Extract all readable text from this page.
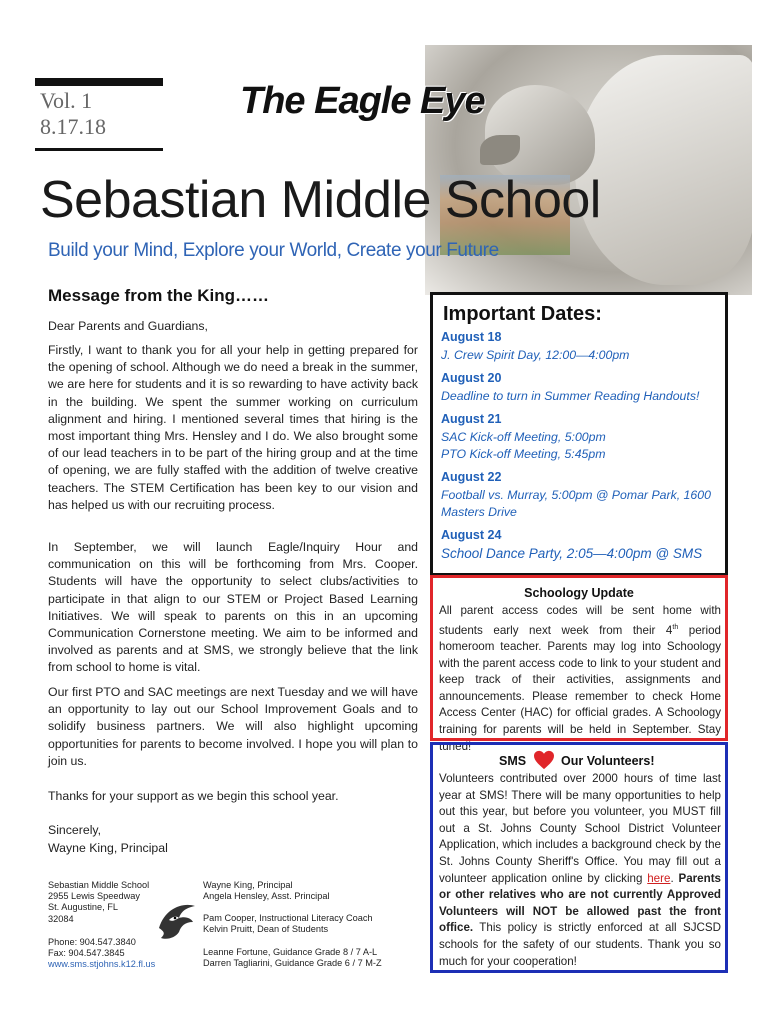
Vol. 1
8.17.18
The Eagle Eye
Sebastian Middle School
Build your Mind, Explore your World, Create your Future
Message from the King……
Dear Parents and Guardians,
Firstly, I want to thank you for all your help in getting prepared for the opening of school. Although we do need a break in the summer, we are here for students and it is so rewarding to have activity back in the building. We spent the summer working on curriculum alignment and hiring. I mentioned several times that hiring is the most important thing Mrs. Hensley and I do. We also brought some of our lead teachers in to be part of the hiring group and at the time of opening, we are fully staffed with the addition of twelve creative teachers. The STEM Certification has been key to our vision and has helped us with our recruiting process.
In September, we will launch Eagle/Inquiry Hour and communication on this will be forthcoming from Mrs. Cooper. Students will have the opportunity to select clubs/activities to participate in that align to our STEM or Project Based Learning Initiatives. We will speak to parents on this in an upcoming Communication Cornerstone meeting. We aim to be informed and involved as parents and at SMS, we strongly believe that the link from school to home is vital.
Our first PTO and SAC meetings are next Tuesday and we will have an opportunity to lay out our School Improvement Goals and to solidify business partners. We will also highlight upcoming opportunities for parents to become involved. I hope you will plan to join us.
Thanks for your support as we begin this school year.
Sincerely,
Wayne King, Principal
Important Dates:
August 18
J. Crew Spirit Day, 12:00—4:00pm
August 20
Deadline to turn in Summer Reading Handouts!
August 21
SAC Kick-off Meeting, 5:00pm
PTO Kick-off Meeting, 5:45pm
August 22
Football vs. Murray, 5:00pm @ Pomar Park, 1600
Masters Drive
August 24
School Dance Party, 2:05—4:00pm @ SMS
Schoology Update
All parent access codes will be sent home with students early next week from their 4th period homeroom teacher. Parents may log into Schoology with the parent access code to link to your student and keep track of their activities, assignments and announcements. Please remember to check Home Access Center (HAC) for official grades. A Schoology training for parents will be held in September. Stay tuned!
SMS	Our Volunteers!
Volunteers contributed over 2000 hours of time last year at SMS! There will be many opportunities to help out this year, but before you volunteer, you MUST fill out a St. Johns County School District Volunteer Application, which includes a background check by the St. Johns County Sheriff's Office. You may fill out a volunteer application online by clicking here. Parents or other relatives who are not currently Approved Volunteers will NOT be allowed past the front office. This policy is strictly enforced at all SJCSD schools for the safety of our students. Thank you so much for your cooperation!
Sebastian Middle School
2955 Lewis Speedway
St. Augustine, FL
32084
Phone: 904.547.3840
Fax: 904.547.3845
www.sms.stjohns.k12.fl.us
Wayne King, Principal
Angela Hensley, Asst. Principal
Pam Cooper, Instructional Literacy Coach
Kelvin Pruitt, Dean of Students
Leanne Fortune, Guidance Grade 8 / 7 A-L
Darren Tagliarini, Guidance Grade 6 / 7 M-Z
